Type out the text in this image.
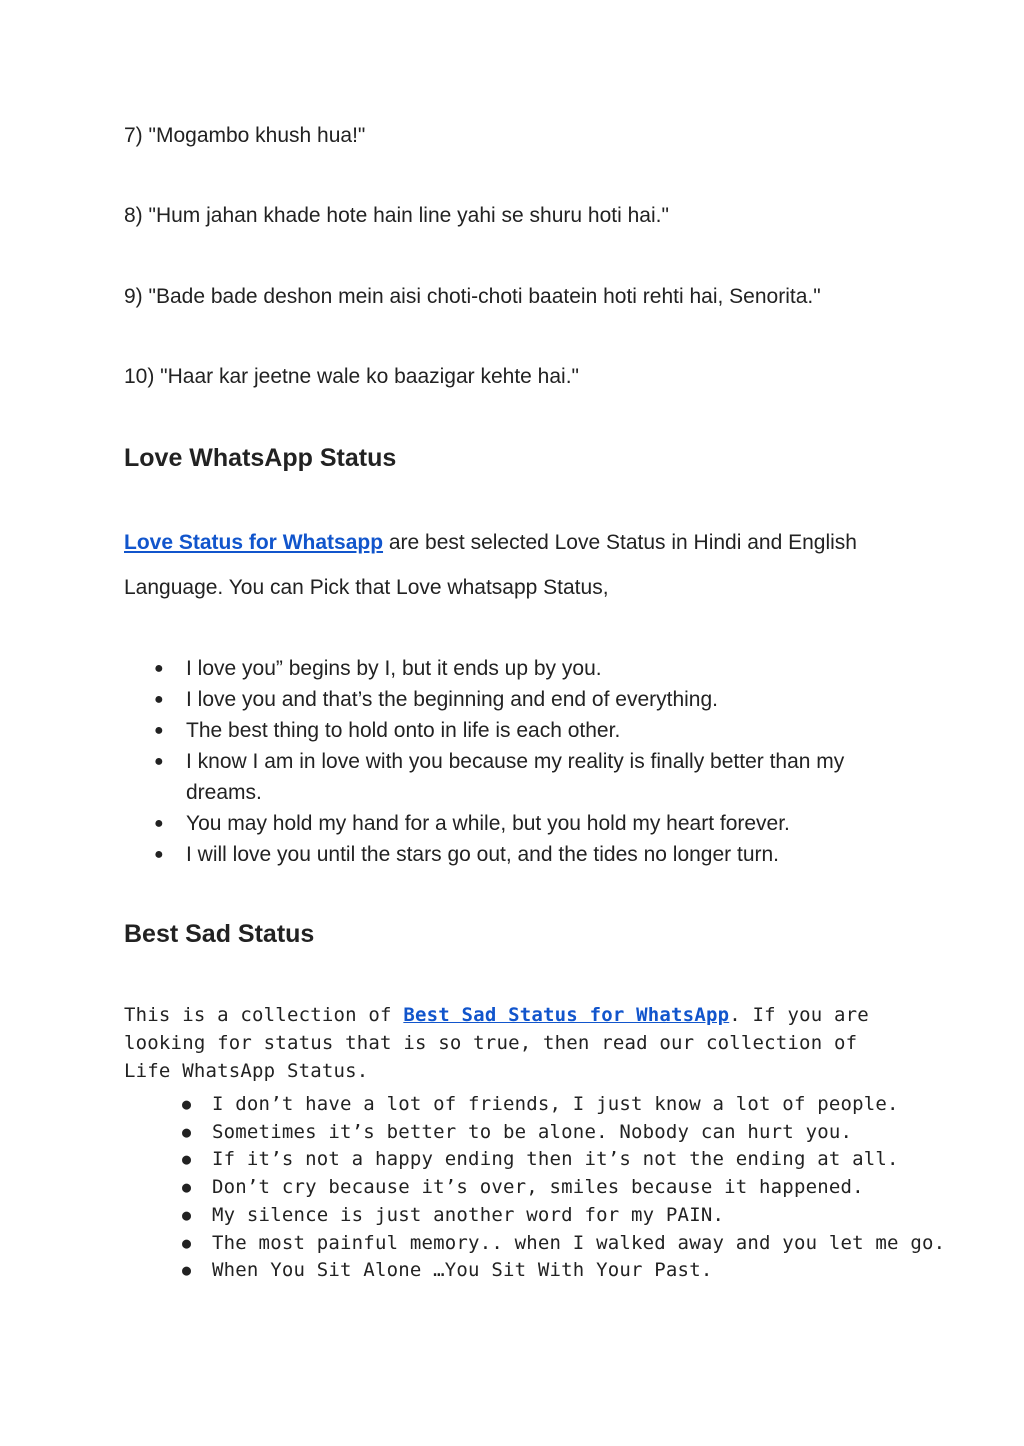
7) "Mogambo khush hua!"
8) "Hum jahan khade hote hain line yahi se shuru hoti hai."
9) "Bade bade deshon mein aisi choti-choti baatein hoti rehti hai, Senorita."
10) "Haar kar jeetne wale ko baazigar kehte hai."
Love WhatsApp Status
Love Status for Whatsapp are best selected Love Status in Hindi and English Language. You can Pick that Love whatsapp Status,
● I love you” begins by I, but it ends up by you.
● I love you and that’s the beginning and end of everything.
● The best thing to hold onto in life is each other.
● I know I am in love with you because my reality is finally better than my dreams.
● You may hold my hand for a while, but you hold my heart forever.
● I will love you until the stars go out, and the tides no longer turn.
Best Sad Status
This is a collection of Best Sad Status for WhatsApp. If you are looking for status that is so true, then read our collection of Life WhatsApp Status.
● I don’t have a lot of friends, I just know a lot of people.
● Sometimes it’s better to be alone. Nobody can hurt you.
● If it’s not a happy ending then it’s not the ending at all.
● Don’t cry because it’s over, smiles because it happened.
● My silence is just another word for my PAIN.
● The most painful memory.. when I walked away and you let me go.
● When You Sit Alone …You Sit With Your Past.
